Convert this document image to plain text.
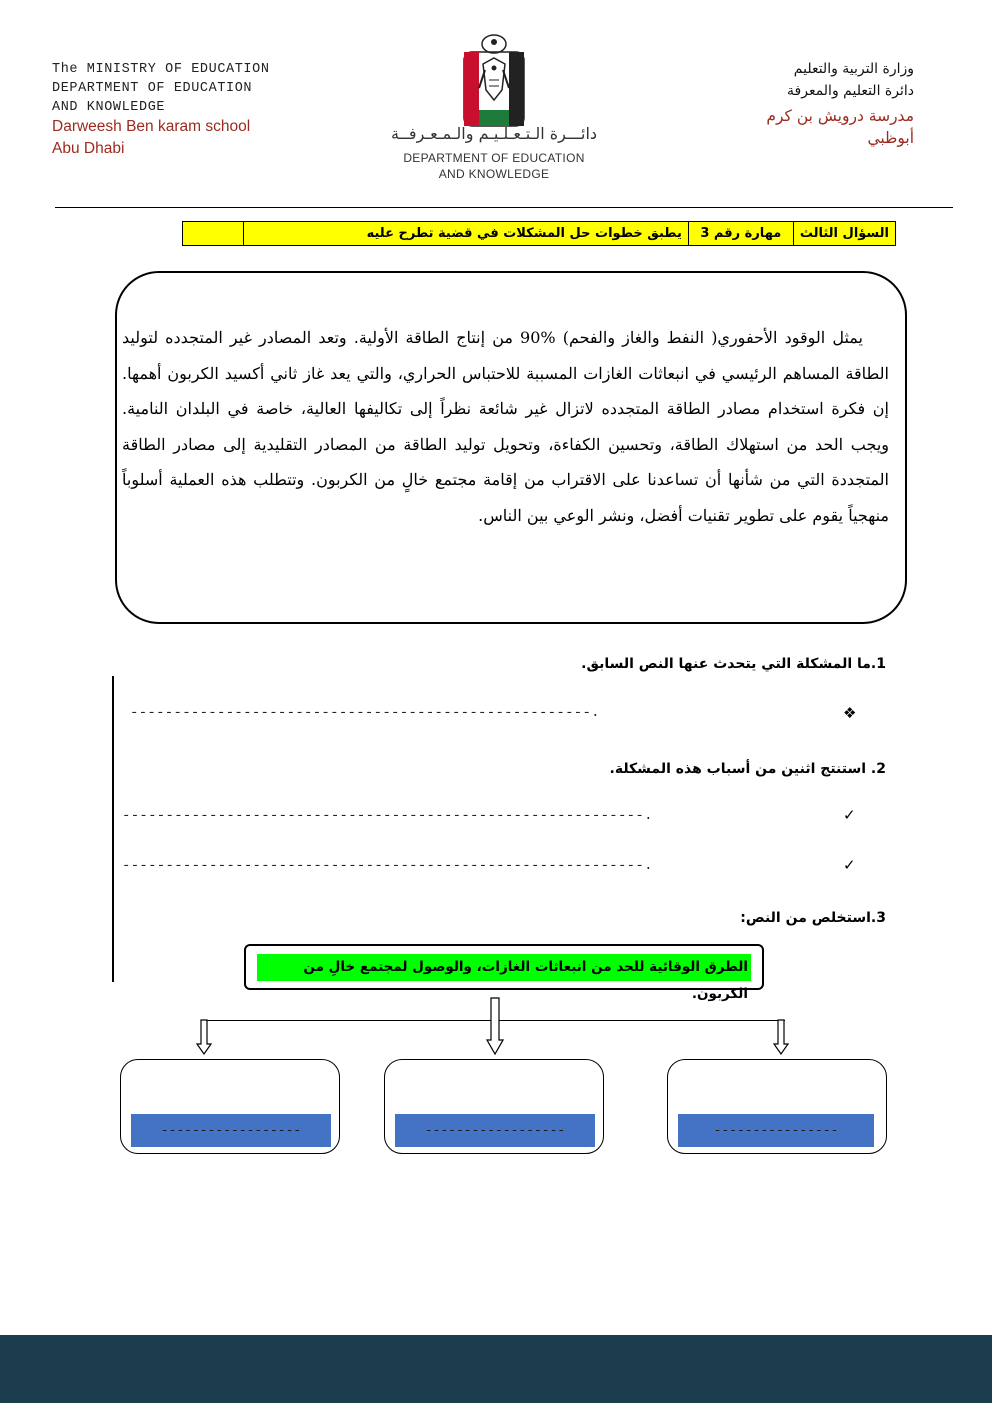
The MINISTRY OF EDUCATION
DEPARTMENT OF EDUCATION
AND KNOWLEDGE
Darweesh Ben karam school
Abu Dhabi
وزارة التربية والتعليم
دائرة التعليم والمعرفة
مدرسة درويش بن كرم
أبوظبي
دائـــرة الـتـعـلـيـم والـمـعـرفــة
DEPARTMENT OF EDUCATION
AND KNOWLEDGE
السؤال الثالث	مهارة رقم 3	يطبق خطوات حل المشكلات في قضية تطرح عليه	
يمثل الوقود الأحفوري( النفط والغاز والفحم) %90 من إنتاج الطاقة الأولية. وتعد المصادر غير المتجدده لتوليد الطاقة المساهم الرئيسي في انبعاثات الغازات المسببة للاحتباس الحراري، والتي يعد غاز ثاني أكسيد الكربون أهمها. إن فكرة استخدام مصادر الطاقة المتجدده لاتزال غير شائعة نظراً إلى تكاليفها العالية، خاصة في البلدان النامية. ويجب الحد من استهلاك الطاقة، وتحسين الكفاءة، وتحويل توليد الطاقة من المصادر التقليدية إلى مصادر الطاقة المتجددة التي من شأنها أن تساعدنا على الاقتراب من إقامة مجتمع خالٍ من الكربون. وتتطلب هذه العملية أسلوباً منهجياً يقوم على تطوير تقنيات أفضل، ونشر الوعي بين الناس.
1.ما المشكلة التي يتحدث عنها النص السابق.
❖
-----------------------------------------------------.
2. استنتج اثنين من أسباب هذه المشكلة.
✓
------------------------------------------------------------.
✓
------------------------------------------------------------.
3.استخلص من النص:
الطرق الوقائية للحد من انبعاثات الغازات، والوصول لمجتمع خالِ من الكربون.
------------------	------------------	----------------
